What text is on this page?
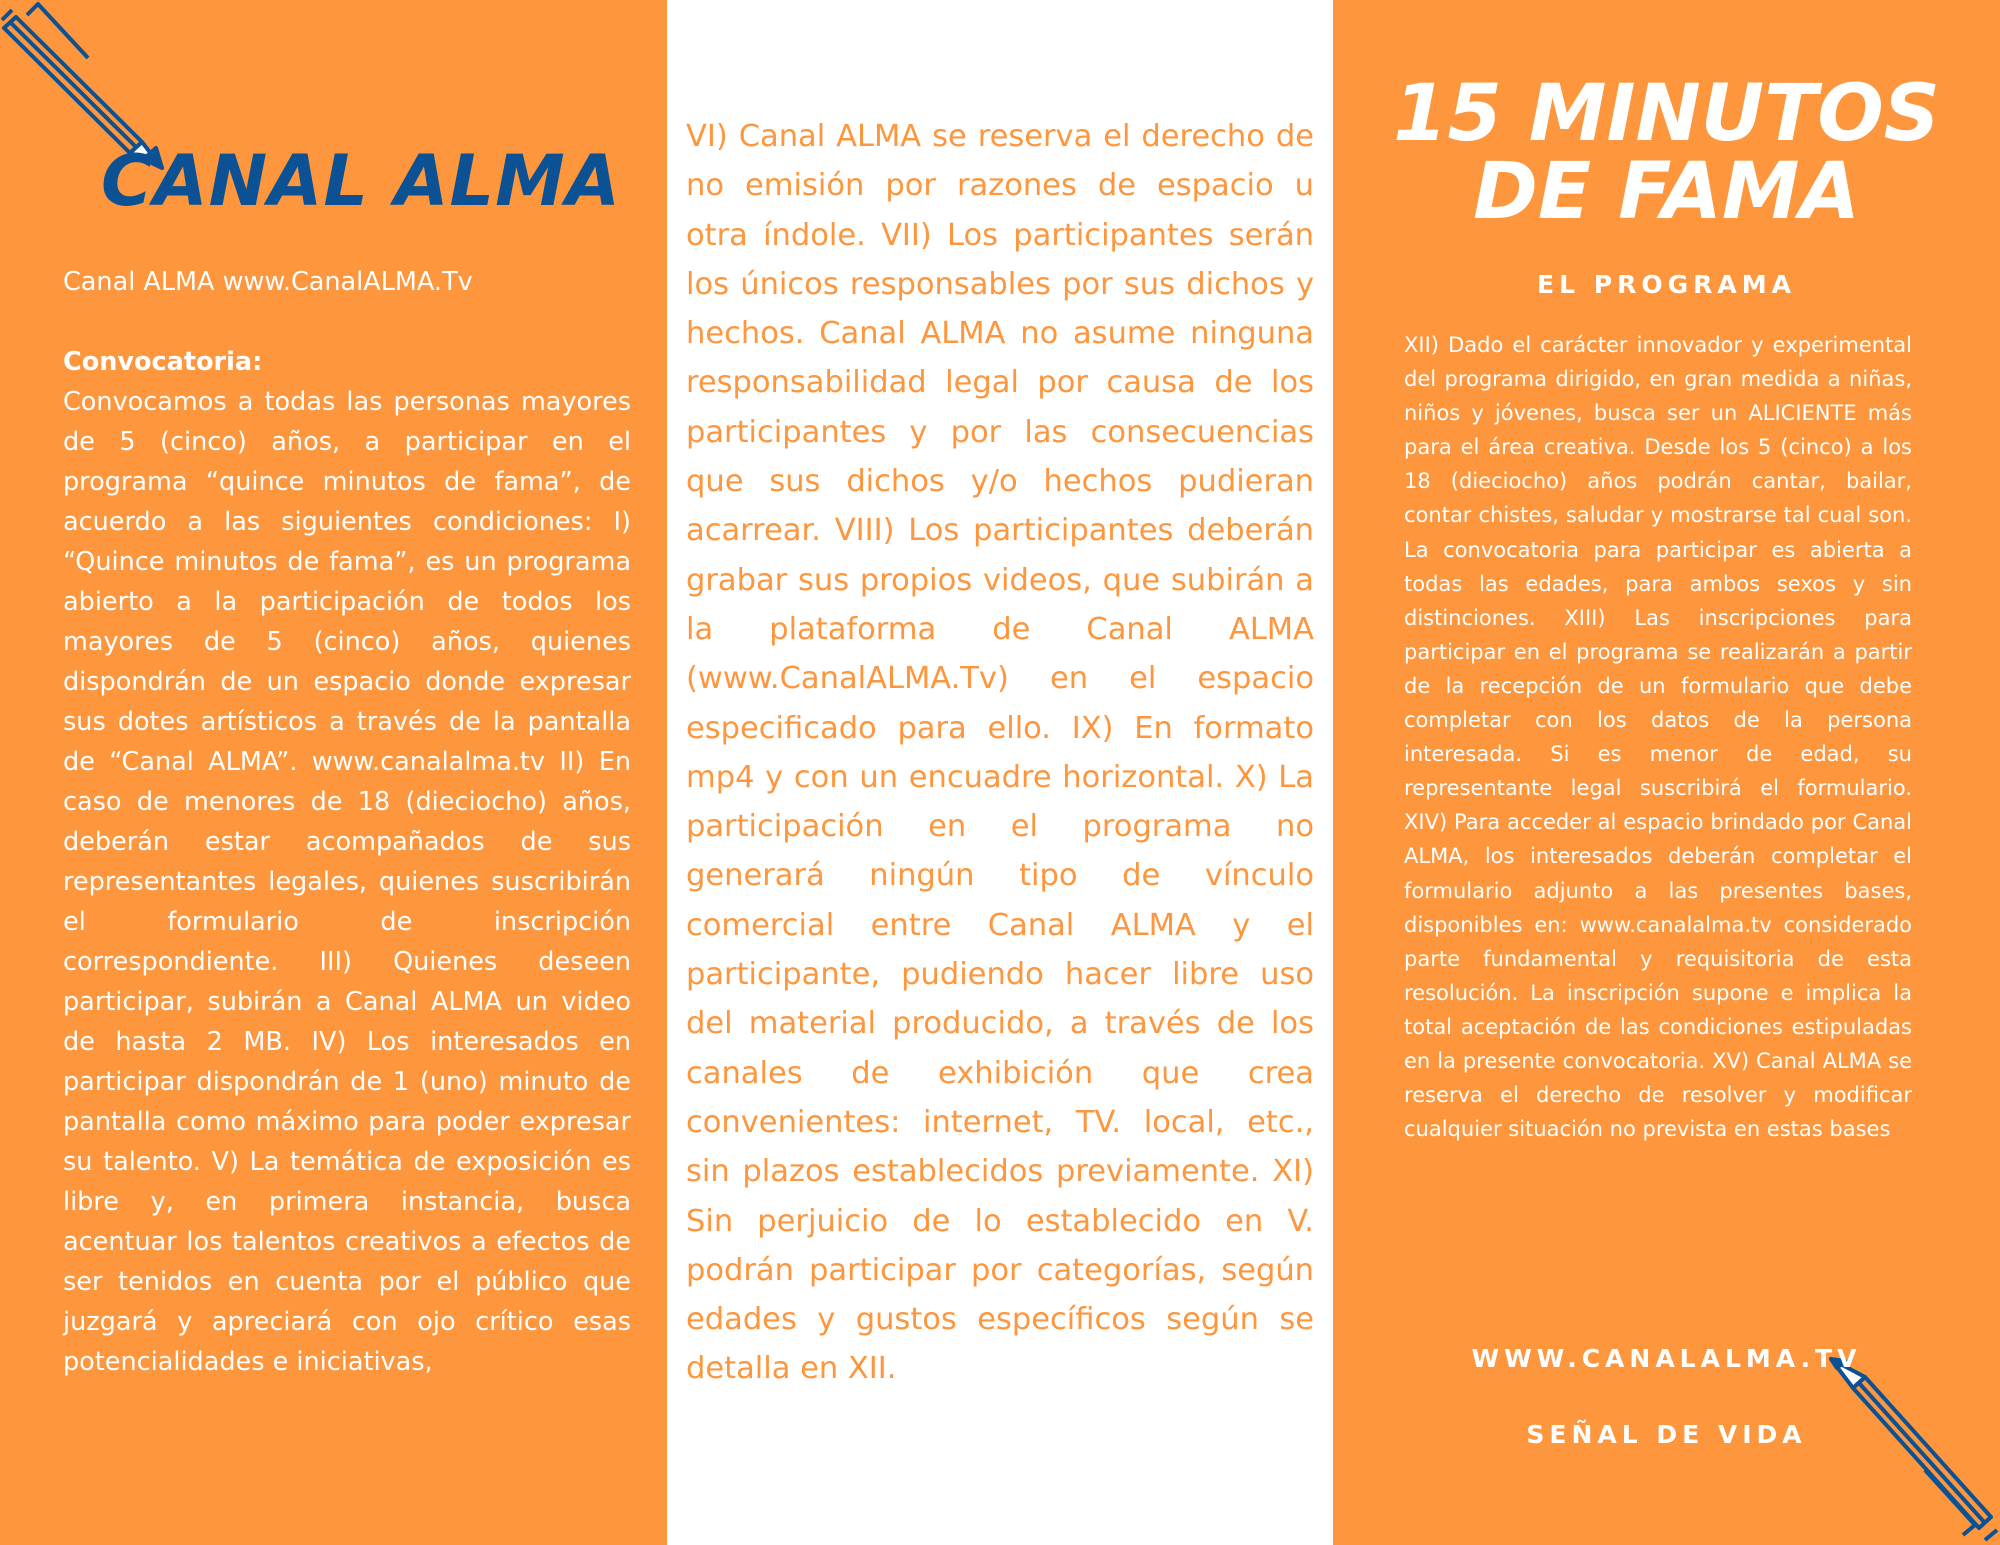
CANAL ALMA

Canal ALMA www.CanalALMA.Tv

Convocatoria:

Convocamos a todas las personas mayores de 5 (cinco) años, a participar en el programa “quince minutos de fama”, de acuerdo a las siguientes condiciones: I) “Quince minutos de fama”, es un programa abierto a la participación de todos los mayores de 5 (cinco) años, quienes dispondrán de un espacio donde expresar sus dotes artísticos a través de la pantalla de “Canal ALMA”. www.canalalma.tv II) En caso de menores de 18 (dieciocho) años, deberán estar acompañados de sus representantes legales, quienes suscribirán el formulario de inscripción correspondiente. III) Quienes deseen participar, subirán a Canal ALMA un video de hasta 2 MB. IV) Los interesados en participar dispondrán de 1 (uno) minuto de pantalla como máximo para poder expresar su talento. V) La temática de exposición es libre y, en primera instancia, busca acentuar los talentos creativos a efectos de ser tenidos en cuenta por el público que juzgará y apreciará con ojo crítico esas potencialidades e iniciativas,

VI) Canal ALMA se reserva el derecho de no emisión por razones de espacio u otra índole. VII) Los participantes serán los únicos responsables por sus dichos y hechos. Canal ALMA no asume ninguna responsabilidad legal por causa de los participantes y por las consecuencias que sus dichos y/o hechos pudieran acarrear. VIII) Los participantes deberán grabar sus propios videos, que subirán a la plataforma de Canal ALMA (www.CanalALMA.Tv) en el espacio especificado para ello. IX) En formato mp4 y con un encuadre horizontal. X) La participación en el programa no generará ningún tipo de vínculo comercial entre Canal ALMA y el participante, pudiendo hacer libre uso del material producido, a través de los canales de exhibición que crea convenientes: internet, TV. local, etc., sin plazos establecidos previamente. XI) Sin perjuicio de lo establecido en V. podrán participar por categorías, según edades y gustos específicos según se detalla en XII.

15 MINUTOS DE FAMA
EL PROGRAMA

XII) Dado el carácter innovador y experimental del programa dirigido, en gran medida a niñas, niños y jóvenes, busca ser un ALICIENTE más para el área creativa. Desde los 5 (cinco) a los 18 (dieciocho) años podrán cantar, bailar, contar chistes, saludar y mostrarse tal cual son. La convocatoria para participar es abierta a todas las edades, para ambos sexos y sin distinciones. XIII) Las inscripciones para participar en el programa se realizarán a partir de la recepción de un formulario que debe completar con los datos de la persona interesada. Si es menor de edad, su representante legal suscribirá el formulario. XIV) Para acceder al espacio brindado por Canal ALMA, los interesados deberán completar el formulario adjunto a las presentes bases, disponibles en: www.canalalma.tv considerado parte fundamental y requisitoria de esta resolución. La inscripción supone e implica la total aceptación de las condiciones estipuladas en la presente convocatoria. XV) Canal ALMA se reserva el derecho de resolver y modificar cualquier situación no prevista en estas bases

WWW.CANALALMA.TV
SEÑAL DE VIDA
